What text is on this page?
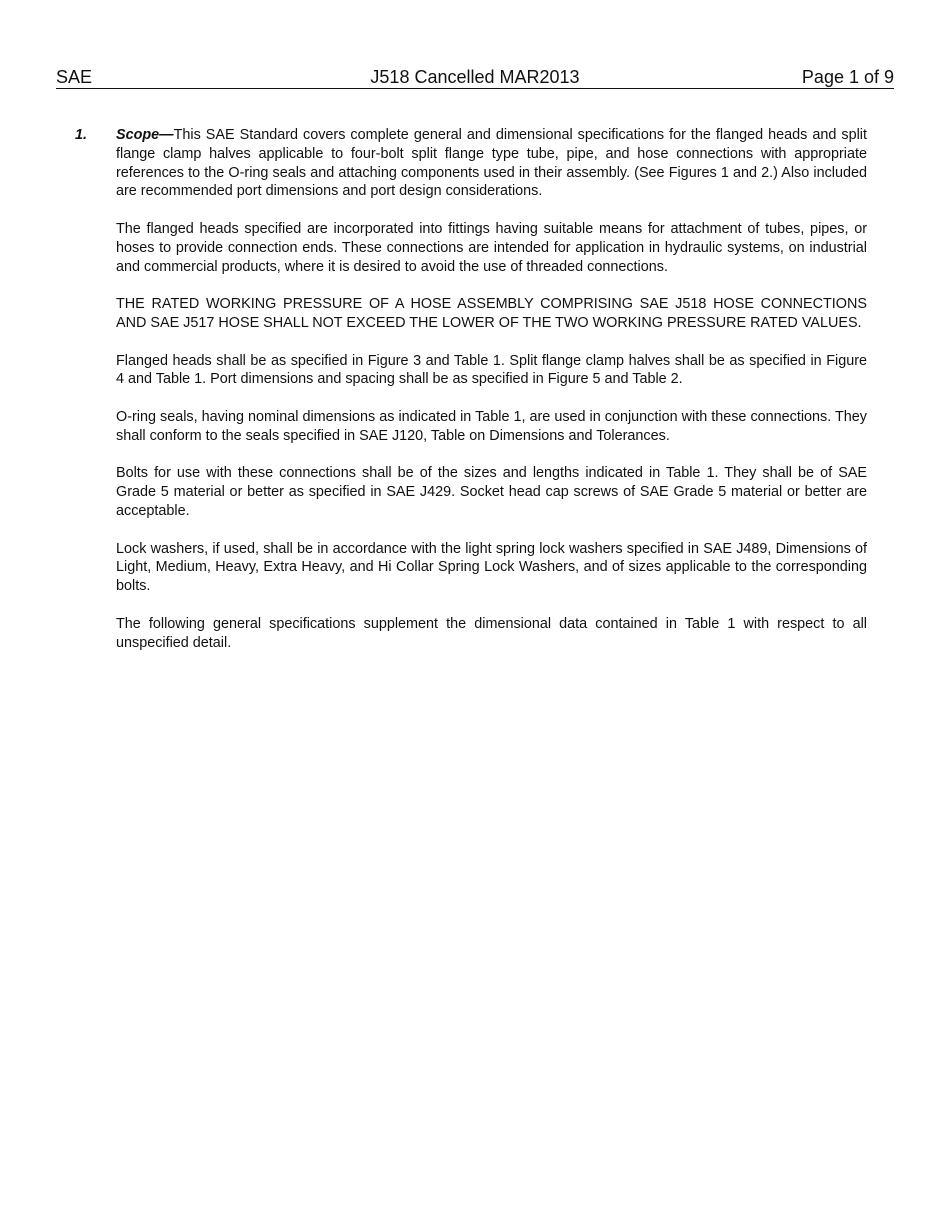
SAE	J518 Cancelled MAR2013	Page 1 of 9
1. Scope—This SAE Standard covers complete general and dimensional specifications for the flanged heads and split flange clamp halves applicable to four-bolt split flange type tube, pipe, and hose connections with appropriate references to the O-ring seals and attaching components used in their assembly. (See Figures 1 and 2.) Also included are recommended port dimensions and port design considerations.

The flanged heads specified are incorporated into fittings having suitable means for attachment of tubes, pipes, or hoses to provide connection ends. These connections are intended for application in hydraulic systems, on industrial and commercial products, where it is desired to avoid the use of threaded connections.

THE RATED WORKING PRESSURE OF A HOSE ASSEMBLY COMPRISING SAE J518 HOSE CONNECTIONS AND SAE J517 HOSE SHALL NOT EXCEED THE LOWER OF THE TWO WORKING PRESSURE RATED VALUES.

Flanged heads shall be as specified in Figure 3 and Table 1. Split flange clamp halves shall be as specified in Figure 4 and Table 1. Port dimensions and spacing shall be as specified in Figure 5 and Table 2.

O-ring seals, having nominal dimensions as indicated in Table 1, are used in conjunction with these connections. They shall conform to the seals specified in SAE J120, Table on Dimensions and Tolerances.

Bolts for use with these connections shall be of the sizes and lengths indicated in Table 1. They shall be of SAE Grade 5 material or better as specified in SAE J429. Socket head cap screws of SAE Grade 5 material or better are acceptable.

Lock washers, if used, shall be in accordance with the light spring lock washers specified in SAE J489, Dimensions of Light, Medium, Heavy, Extra Heavy, and Hi Collar Spring Lock Washers, and of sizes applicable to the corresponding bolts.

The following general specifications supplement the dimensional data contained in Table 1 with respect to all unspecified detail.
